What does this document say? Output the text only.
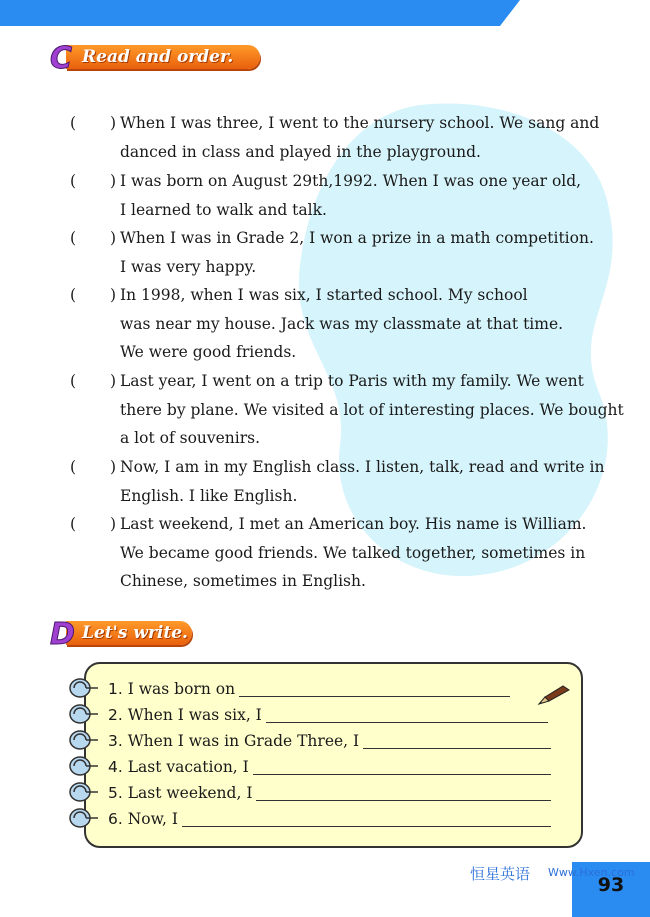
C Read and order.
( ) When I was three, I went to the nursery school. We sang and
danced in class and played in the playground.
( ) I was born on August 29th,1992. When I was one year old,
I learned to walk and talk.
( ) When I was in Grade 2, I won a prize in a math competition.
I was very happy.
( ) In 1998, when I was six, I started school. My school
was near my house. Jack was my classmate at that time.
We were good friends.
( ) Last year, I went on a trip to Paris with my family. We went
there by plane. We visited a lot of interesting places. We bought
a lot of souvenirs.
( ) Now, I am in my English class. I listen, talk, read and write in
English. I like English.
( ) Last weekend, I met an American boy. His name is William.
We became good friends. We talked together, sometimes in
Chinese, sometimes in English.
D Let's write.
1. I was born on
2. When I was six, I
3. When I was in Grade Three, I
4. Last vacation, I
5. Last weekend, I
6. Now, I
93
恒星英语 Www.Hxen.com
